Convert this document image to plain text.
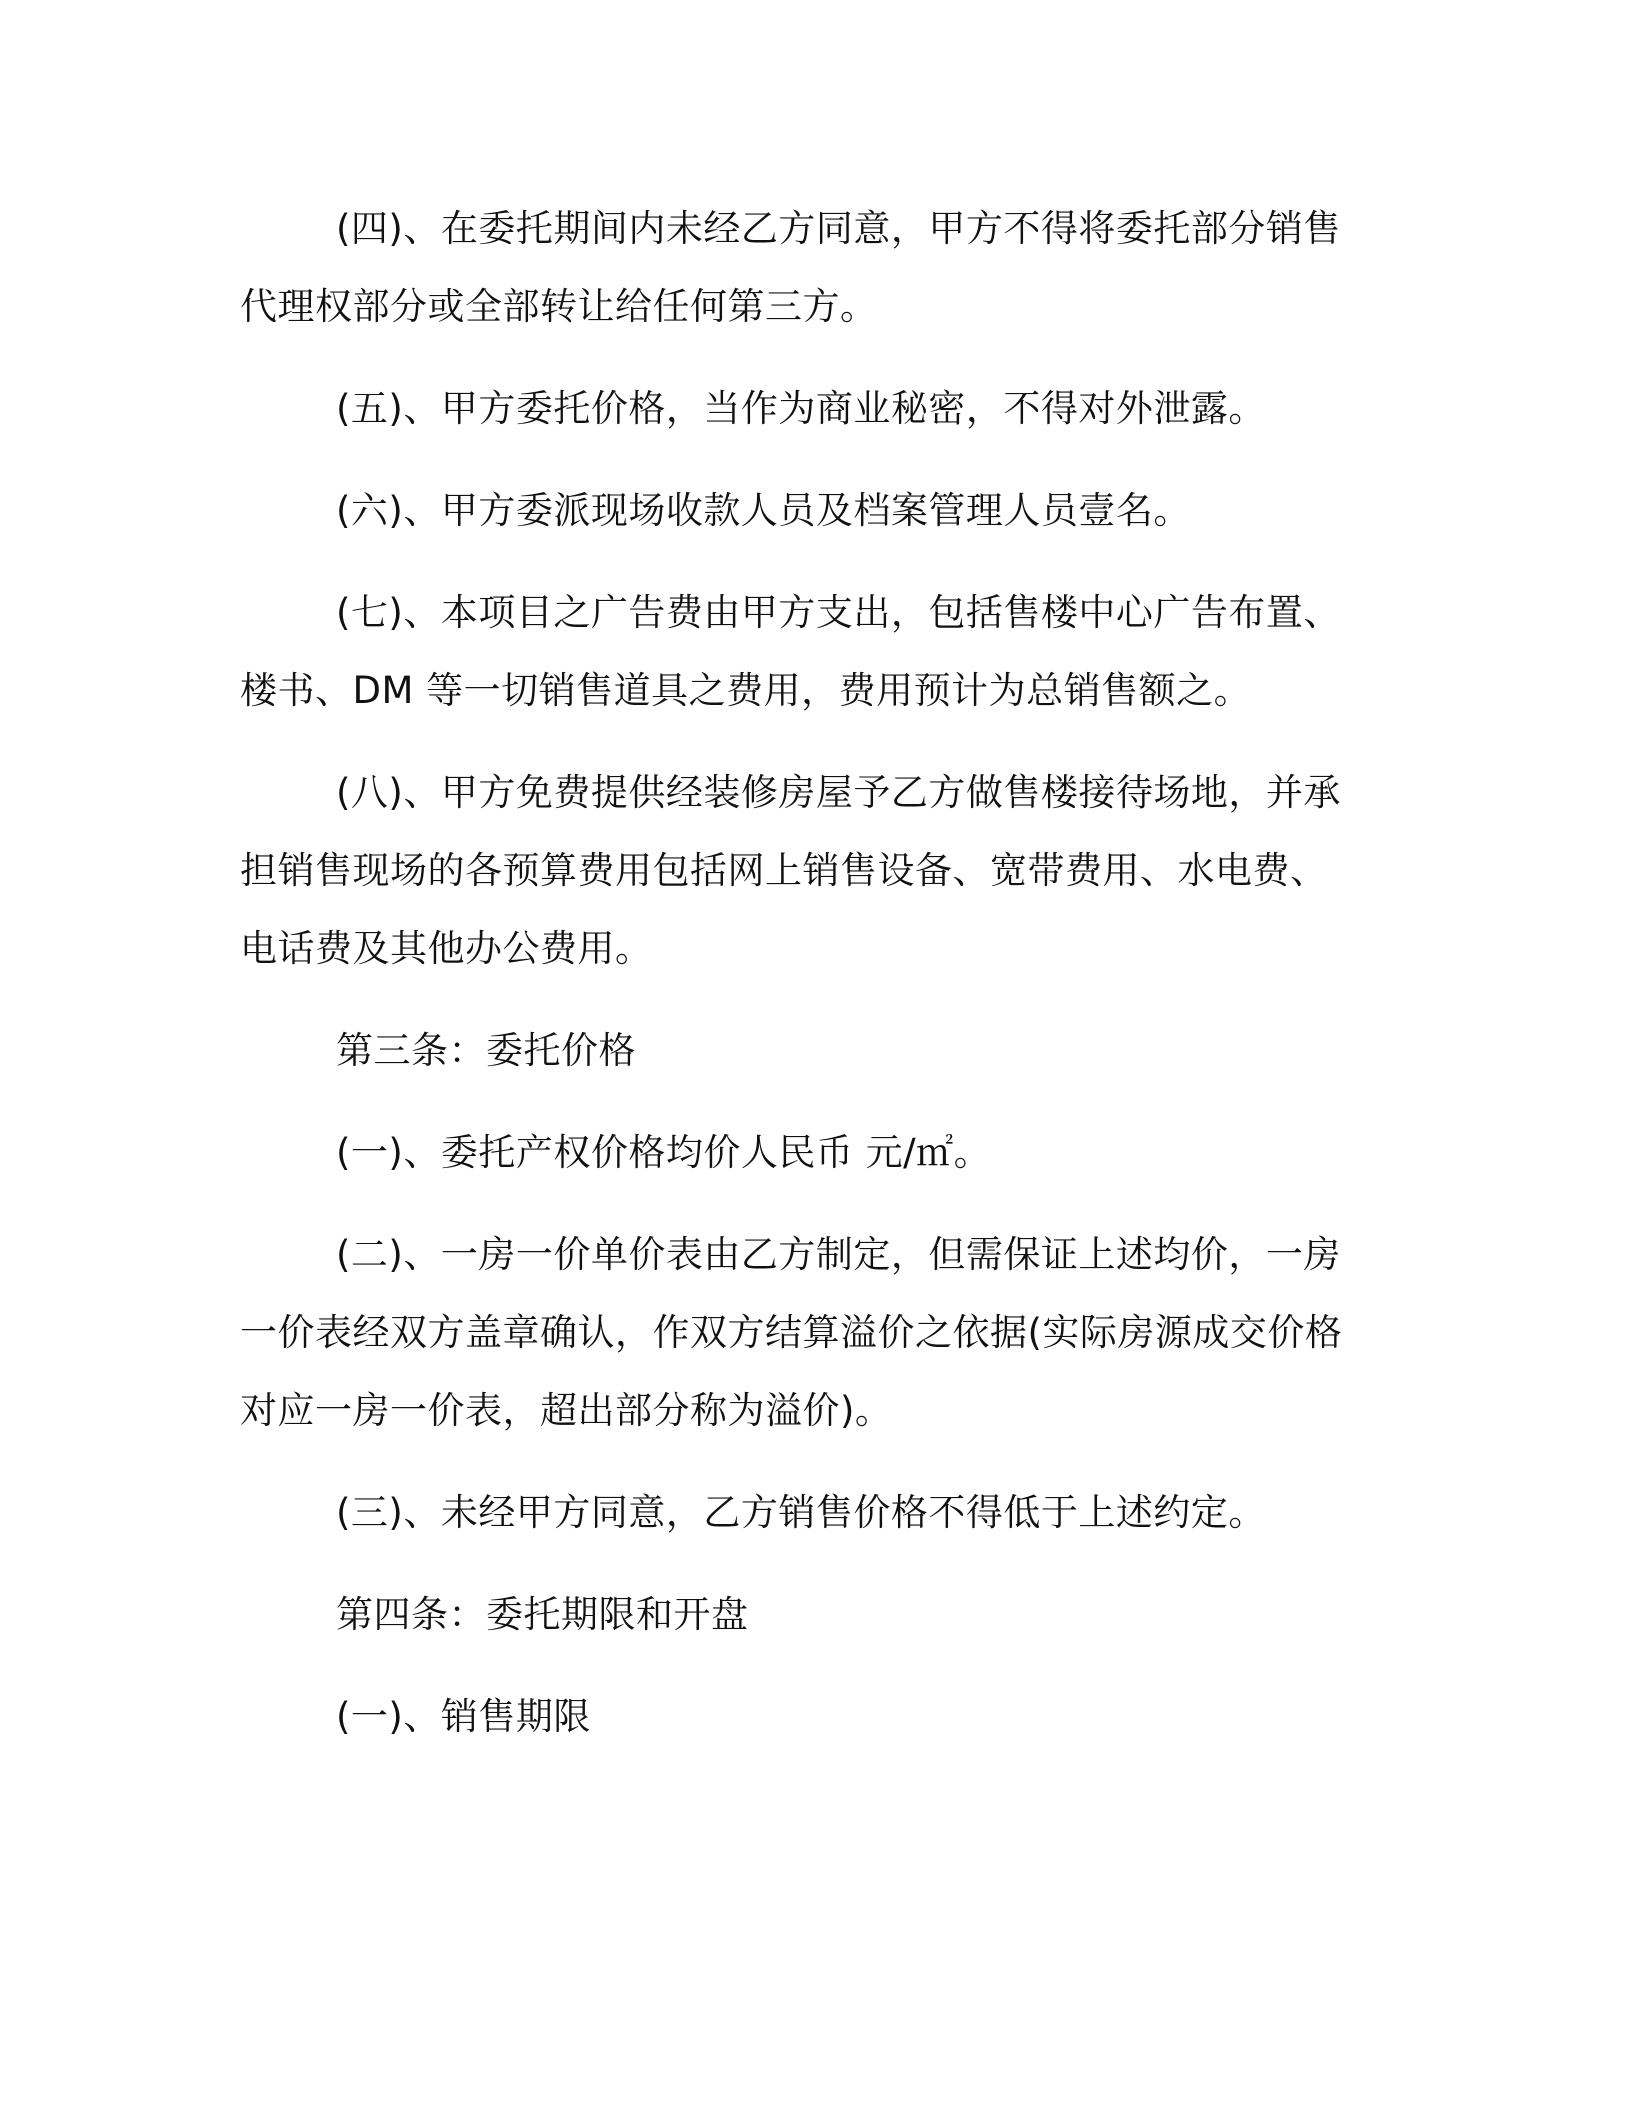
(四)、在委托期间内未经乙方同意，甲方不得将委托部分销售代理权部分或全部转让给任何第三方。

(五)、甲方委托价格，当作为商业秘密，不得对外泄露。

(六)、甲方委派现场收款人员及档案管理人员壹名。

(七)、本项目之广告费由甲方支出，包括售楼中心广告布置、楼书、DM 等一切销售道具之费用，费用预计为总销售额之。

(八)、甲方免费提供经装修房屋予乙方做售楼接待场地，并承担销售现场的各预算费用包括网上销售设备、宽带费用、水电费、电话费及其他办公费用。

第三条：委托价格

(一)、委托产权价格均价人民币 元/㎡。

(二)、一房一价单价表由乙方制定，但需保证上述均价，一房一价表经双方盖章确认，作双方结算溢价之依据(实际房源成交价格对应一房一价表，超出部分称为溢价)。

(三)、未经甲方同意，乙方销售价格不得低于上述约定。

第四条：委托期限和开盘

(一)、销售期限
